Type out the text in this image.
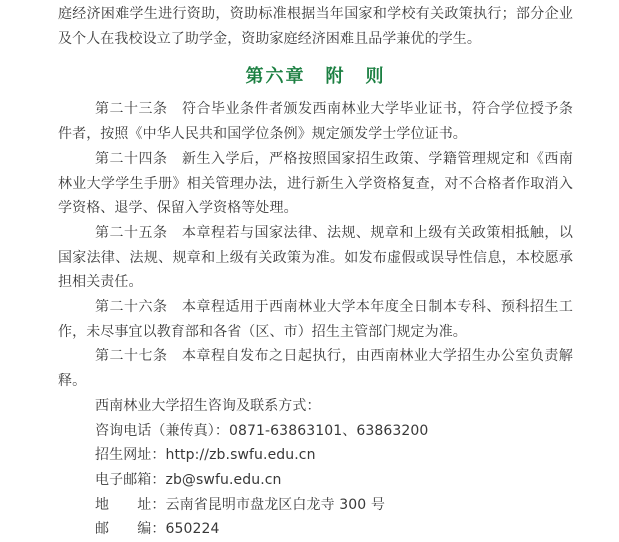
庭经济困难学生进行资助，资助标准根据当年国家和学校有关政策执行；部分企业及个人在我校设立了助学金，资助家庭经济困难且品学兼优的学生。

第六章　附　则

第二十三条　符合毕业条件者颁发西南林业大学毕业证书，符合学位授予条件者，按照《中华人民共和国学位条例》规定颁发学士学位证书。

第二十四条　新生入学后，严格按照国家招生政策、学籍管理规定和《西南林业大学学生手册》相关管理办法，进行新生入学资格复查，对不合格者作取消入学资格、退学、保留入学资格等处理。

第二十五条　本章程若与国家法律、法规、规章和上级有关政策相抵触，以国家法律、法规、规章和上级有关政策为准。如发布虚假或误导性信息，本校愿承担相关责任。

第二十六条　本章程适用于西南林业大学本年度全日制本专科、预科招生工作，未尽事宜以教育部和各省（区、市）招生主管部门规定为准。

第二十七条　本章程自发布之日起执行，由西南林业大学招生办公室负责解释。

西南林业大学招生咨询及联系方式：

咨询电话（兼传真）：0871-63863101、63863200

招生网址：http://zb.swfu.edu.cn

电子邮箱：zb@swfu.edu.cn

地　　址：云南省昆明市盘龙区白龙寺 300 号

邮　　编：650224
